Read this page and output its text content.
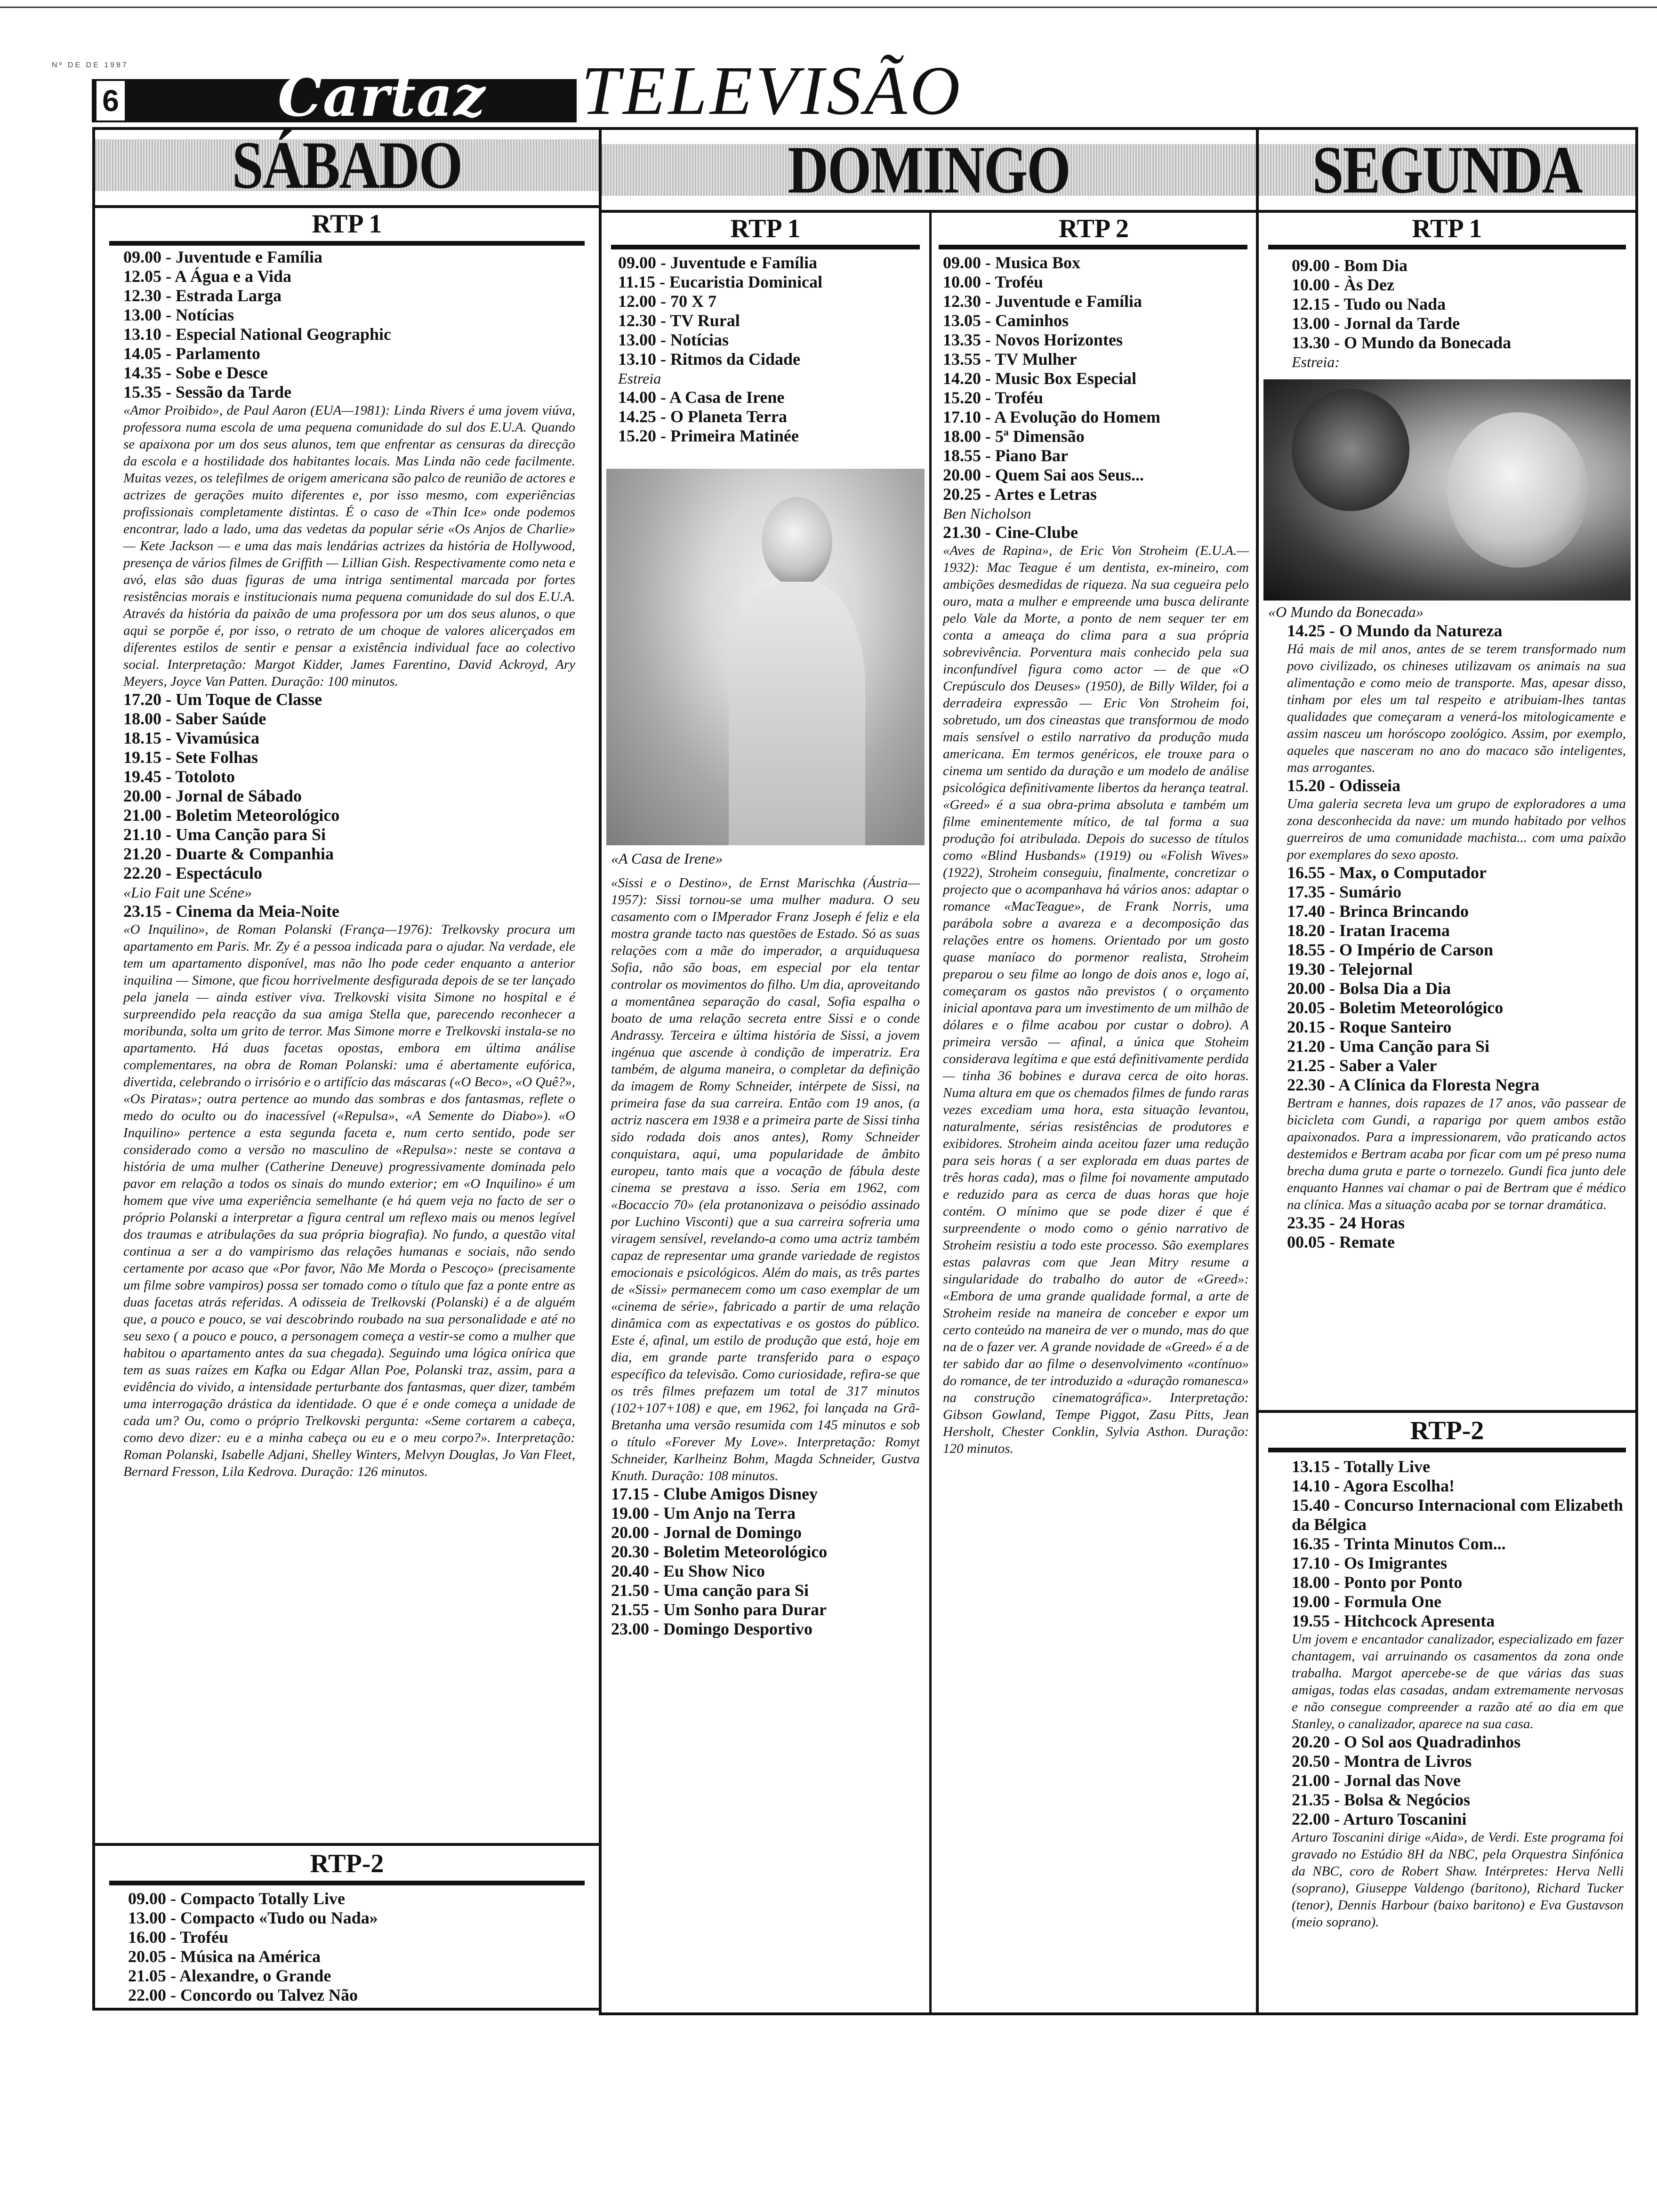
Nº DE DE 1987
6	Cartaz TELEVISÃO
SÁBADO
RTP 1
09.00 - Juventude e Família
12.05 - A Água e a Vida
12.30 - Estrada Larga
13.00 - Notícias
13.10 - Especial National Geographic
14.05 - Parlamento
14.35 - Sobe e Desce
15.35 - Sessão da Tarde
«Amor Proibido», de Paul Aaron (EUA—1981): Linda Rivers é uma jovem viúva, professora numa escola de uma pequena comunidade do sul dos E.U.A. Quando se apaixona por um dos seus alunos, tem que enfrentar as censuras da direcção da escola e a hostilidade dos habitantes locais. Mas Linda não cede facilmente. Muitas vezes, os telefilmes de origem americana são palco de reunião de actores e actrizes de gerações muito diferentes e, por isso mesmo, com experiências profissionais completamente distintas. É o caso de «Thin Ice» onde podemos encontrar, lado a lado, uma das vedetas da popular série «Os Anjos de Charlie» — Kete Jackson — e uma das mais lendárias actrizes da história de Hollywood, presença de vários filmes de Griffith — Lillian Gish. Respectivamente como neta e avó, elas são duas figuras de uma intriga sentimental marcada por fortes resistências morais e institucionais numa pequena comunidade do sul dos E.U.A. Através da história da paixão de uma professora por um dos seus alunos, o que aqui se porpõe é, por isso, o retrato de um choque de valores alicerçados em diferentes estilos de sentir e pensar a existência individual face ao colectivo social. Interpretação: Margot Kidder, James Farentino, David Ackroyd, Ary Meyers, Joyce Van Patten. Duração: 100 minutos.
17.20 - Um Toque de Classe
18.00 - Saber Saúde
18.15 - Vivamúsica
19.15 - Sete Folhas
19.45 - Totoloto
20.00 - Jornal de Sábado
21.00 - Boletim Meteorológico
21.10 - Uma Canção para Si
21.20 - Duarte & Companhia
22.20 - Espectáculo
«Lio Fait une Scéne»
23.15 - Cinema da Meia-Noite
«O Inquilino», de Roman Polanski (França—1976): Trelkovsky procura um apartamento em Paris. Mr. Zy é a pessoa indicada para o ajudar. Na verdade, ele tem um apartamento disponível, mas não lho pode ceder enquanto a anterior inquilina — Simone, que ficou horrivelmente desfigurada depois de se ter lançado pela janela — ainda estiver viva. Trelkovski visita Simone no hospital e é surpreendido pela reacção da sua amiga Stella que, parecendo reconhecer a moribunda, solta um grito de terror. Mas Simone morre e Trelkovski instala-se no apartamento. Há duas facetas opostas, embora em última análise complementares, na obra de Roman Polanski: uma é abertamente eufórica, divertida, celebrando o irrisório e o artifício das máscaras («O Beco», «O Quê?», «Os Piratas»; outra pertence ao mundo das sombras e dos fantasmas, reflete o medo do oculto ou do inacessível («Repulsa», «A Semente do Diabo»). «O Inquilino» pertence a esta segunda faceta e, num certo sentido, pode ser considerado como a versão no masculino de «Repulsa»: neste se contava a história de uma mulher (Catherine Deneuve) progressivamente dominada pelo pavor em relação a todos os sinais do mundo exterior; em «O Inquilino» é um homem que vive uma experiência semelhante (e há quem veja no facto de ser o próprio Polanski a interpretar a figura central um reflexo mais ou menos legível dos traumas e atribulações da sua própria biografia). No fundo, a questão vital continua a ser a do vampirismo das relações humanas e sociais, não sendo certamente por acaso que «Por favor, Não Me Morda o Pescoço» (precisamente um filme sobre vampiros) possa ser tomado como o título que faz a ponte entre as duas facetas atrás referidas. A odisseia de Trelkovski (Polanski) é a de alguém que, a pouco e pouco, se vai descobrindo roubado na sua personalidade e até no seu sexo ( a pouco e pouco, a personagem começa a vestir-se como a mulher que habitou o apartamento antes da sua chegada). Seguindo uma lógica onírica que tem as suas raízes em Kafka ou Edgar Allan Poe, Polanski traz, assim, para a evidência do vivido, a intensidade perturbante dos fantasmas, quer dizer, também uma interrogação drástica da identidade. O que é e onde começa a unidade de cada um? Ou, como o próprio Trelkovski pergunta: «Seme cortarem a cabeça, como devo dizer: eu e a minha cabeça ou eu e o meu corpo?». Interpretação: Roman Polanski, Isabelle Adjani, Shelley Winters, Melvyn Douglas, Jo Van Fleet, Bernard Fresson, Lila Kedrova. Duração: 126 minutos.
RTP-2
09.00 - Compacto Totally Live
13.00 - Compacto «Tudo ou Nada»
16.00 - Troféu
20.05 - Música na América
21.05 - Alexandre, o Grande
22.00 - Concordo ou Talvez Não
DOMINGO
RTP 1
09.00 - Juventude e Família
11.15 - Eucaristia Dominical
12.00 - 70 X 7
12.30 - TV Rural
13.00 - Notícias
13.10 - Ritmos da Cidade
Estreia
14.00 - A Casa de Irene
14.25 - O Planeta Terra
15.20 - Primeira Matinée
«A Casa de Irene»
«Sissi e o Destino», de Ernst Marischka (Áustria—1957): Sissi tornou-se uma mulher madura. O seu casamento com o IMperador Franz Joseph é feliz e ela mostra grande tacto nas questões de Estado. Só as suas relações com a mãe do imperador, a arquiduquesa Sofia, não são boas, em especial por ela tentar controlar os movimentos do filho. Um dia, aproveitando a momentânea separação do casal, Sofia espalha o boato de uma relação secreta entre Sissi e o conde Andrassy. Terceira e última história de Sissi, a jovem ingénua que ascende à condição de imperatriz. Era também, de alguma maneira, o completar da definição da imagem de Romy Schneider, intérpete de Sissi, na primeira fase da sua carreira. Então com 19 anos, (a actriz nascera em 1938 e a primeira parte de Sissi tinha sido rodada dois anos antes), Romy Schneider conquistara, aqui, uma popularidade de âmbito europeu, tanto mais que a vocação de fábula deste cinema se prestava a isso. Seria em 1962, com «Bocaccio 70» (ela protanonizava o peisódio assinado por Luchino Visconti) que a sua carreira sofreria uma viragem sensível, revelando-a como uma actriz também capaz de representar uma grande variedade de registos emocionais e psicológicos. Além do mais, as três partes de «Sissi» permanecem como um caso exemplar de um «cinema de série», fabricado a partir de uma relação dinâmica com as expectativas e os gostos do público. Este é, afinal, um estilo de produção que está, hoje em dia, em grande parte transferido para o espaço específico da televisão. Como curiosidade, refira-se que os três filmes prefazem um total de 317 minutos (102+107+108) e que, em 1962, foi lançada na Grã-Bretanha uma versão resumida com 145 minutos e sob o título «Forever My Love». Interpretação: Romyt Schneider, Karlheinz Bohm, Magda Schneider, Gustva Knuth. Duração: 108 minutos.
17.15 - Clube Amigos Disney
19.00 - Um Anjo na Terra
20.00 - Jornal de Domingo
20.30 - Boletim Meteorológico
20.40 - Eu Show Nico
21.50 - Uma canção para Si
21.55 - Um Sonho para Durar
23.00 - Domingo Desportivo
RTP 2
09.00 - Musica Box
10.00 - Troféu
12.30 - Juventude e Família
13.05 - Caminhos
13.35 - Novos Horizontes
13.55 - TV Mulher
14.20 - Music Box Especial
15.20 - Troféu
17.10 - A Evolução do Homem
18.00 - 5ª Dimensão
18.55 - Piano Bar
20.00 - Quem Sai aos Seus...
20.25 - Artes e Letras
Ben Nicholson
21.30 - Cine-Clube
«Aves de Rapina», de Eric Von Stroheim (E.U.A.—1932): Mac Teague é um dentista, ex-mineiro, com ambições desmedidas de riqueza. Na sua cegueira pelo ouro, mata a mulher e empreende uma busca delirante pelo Vale da Morte, a ponto de nem sequer ter em conta a ameaça do clima para a sua própria sobrevivência. Porventura mais conhecido pela sua inconfundível figura como actor — de que «O Crepúsculo dos Deuses» (1950), de Billy Wilder, foi a derradeira expressão — Eric Von Stroheim foi, sobretudo, um dos cineastas que transformou de modo mais sensível o estilo narrativo da produção muda americana. Em termos genéricos, ele trouxe para o cinema um sentido da duração e um modelo de análise psicológica definitivamente libertos da herança teatral. «Greed» é a sua obra-prima absoluta e também um filme eminentemente mítico, de tal forma a sua produção foi atribulada. Depois do sucesso de títulos como «Blind Husbands» (1919) ou «Folish Wives» (1922), Stroheim conseguiu, finalmente, concretizar o projecto que o acompanhava há vários anos: adaptar o romance «MacTeague», de Frank Norris, uma parábola sobre a avareza e a decomposição das relações entre os homens. Orientado por um gosto quase maníaco do pormenor realista, Stroheim preparou o seu filme ao longo de dois anos e, logo aí, começaram os gastos não previstos ( o orçamento inicial apontava para um investimento de um milhão de dólares e o filme acabou por custar o dobro). A primeira versão — afinal, a única que Stoheim considerava legítima e que está definitivamente perdida — tinha 36 bobines e durava cerca de oito horas. Numa altura em que os chemados filmes de fundo raras vezes excediam uma hora, esta situação levantou, naturalmente, sérias resistências de produtores e exibidores. Stroheim ainda aceitou fazer uma redução para seis horas ( a ser explorada em duas partes de três horas cada), mas o filme foi novamente amputado e reduzido para as cerca de duas horas que hoje contém. O mínimo que se pode dizer é que é surpreendente o modo como o génio narrativo de Stroheim resistiu a todo este processo. São exemplares estas palavras com que Jean Mitry resume a singularidade do trabalho do autor de «Greed»: «Embora de uma grande qualidade formal, a arte de Stroheim reside na maneira de conceber e expor um certo conteúdo na maneira de ver o mundo, mas do que na de o fazer ver. A grande novidade de «Greed» é a de ter sabido dar ao filme o desenvolvimento «contínuo» do romance, de ter introduzido a «duração romanesca» na construção cinematográfica». Interpretação: Gibson Gowland, Tempe Piggot, Zasu Pitts, Jean Hersholt, Chester Conklin, Sylvia Asthon. Duração: 120 minutos.
SEGUNDA
RTP 1
09.00 - Bom Dia
10.00 - Às Dez
12.15 - Tudo ou Nada
13.00 - Jornal da Tarde
13.30 - O Mundo da Bonecada
Estreia:
«O Mundo da Bonecada»
14.25 - O Mundo da Natureza
Há mais de mil anos, antes de se terem transformado num povo civilizado, os chineses utilizavam os animais na sua alimentação e como meio de transporte. Mas, apesar disso, tinham por eles um tal respeito e atribuiam-lhes tantas qualidades que começaram a venerá-los mitologicamente e assim nasceu um horóscopo zoológico. Assim, por exemplo, aqueles que nasceram no ano do macaco são inteligentes, mas arrogantes.
15.20 - Odisseia
Uma galeria secreta leva um grupo de exploradores a uma zona desconhecida da nave: um mundo habitado por velhos guerreiros de uma comunidade machista... com uma paixão por exemplares do sexo aposto.
16.55 - Max, o Computador
17.35 - Sumário
17.40 - Brinca Brincando
18.20 - Iratan Iracema
18.55 - O Império de Carson
19.30 - Telejornal
20.00 - Bolsa Dia a Dia
20.05 - Boletim Meteorológico
20.15 - Roque Santeiro
21.20 - Uma Canção para Si
21.25 - Saber a Valer
22.30 - A Clínica da Floresta Negra
Bertram e hannes, dois rapazes de 17 anos, vão passear de bicicleta com Gundi, a rapariga por quem ambos estão apaixonados. Para a impressionarem, vão praticando actos destemidos e Bertram acaba por ficar com um pé preso numa brecha duma gruta e parte o tornezelo. Gundi fica junto dele enquanto Hannes vai chamar o pai de Bertram que é médico na clínica. Mas a situação acaba por se tornar dramática.
23.35 - 24 Horas
00.05 - Remate
RTP-2
13.15 - Totally Live
14.10 - Agora Escolha!
15.40 - Concurso Internacional com Elizabeth da Bélgica
16.35 - Trinta Minutos Com...
17.10 - Os Imigrantes
18.00 - Ponto por Ponto
19.00 - Formula One
19.55 - Hitchcock Apresenta
Um jovem e encantador canalizador, especializado em fazer chantagem, vai arruinando os casamentos da zona onde trabalha. Margot apercebe-se de que várias das suas amigas, todas elas casadas, andam extremamente nervosas e não consegue compreender a razão até ao dia em que Stanley, o canalizador, aparece na sua casa.
20.20 - O Sol aos Quadradinhos
20.50 - Montra de Livros
21.00 - Jornal das Nove
21.35 - Bolsa & Negócios
22.00 - Arturo Toscanini
Arturo Toscanini dirige «Aida», de Verdi. Este programa foi gravado no Estúdio 8H da NBC, pela Orquestra Sinfónica da NBC, coro de Robert Shaw. Intérpretes: Herva Nelli (soprano), Giuseppe Valdengo (baritono), Richard Tucker (tenor), Dennis Harbour (baixo baritono) e Eva Gustavson (meio soprano).
